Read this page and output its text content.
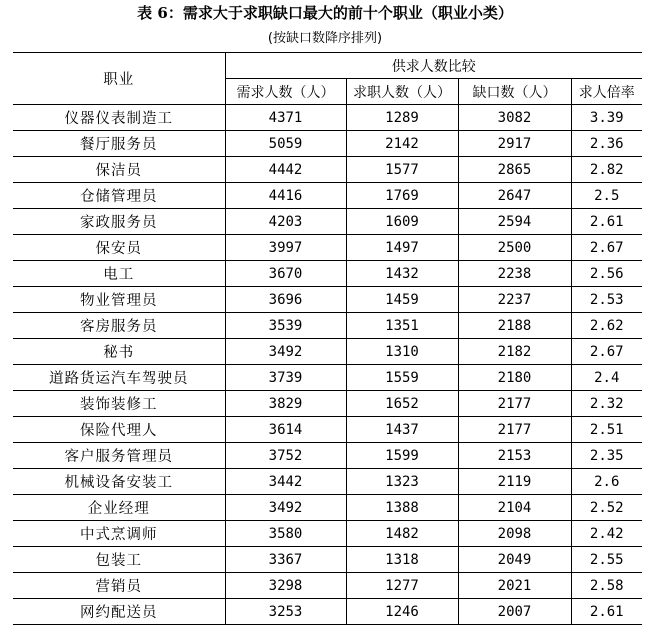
表 6：需求大于求职缺口最大的前十个职业（职业小类）
(按缺口数降序排列)
职业	供求人数比较			
	需求人数（人）	求职人数（人）	缺口数（人）	求人倍率
仪器仪表制造工	4371	1289	3082	3.39
餐厅服务员	5059	2142	2917	2.36
保洁员	4442	1577	2865	2.82
仓储管理员	4416	1769	2647	2.5
家政服务员	4203	1609	2594	2.61
保安员	3997	1497	2500	2.67
电工	3670	1432	2238	2.56
物业管理员	3696	1459	2237	2.53
客房服务员	3539	1351	2188	2.62
秘书	3492	1310	2182	2.67
道路货运汽车驾驶员	3739	1559	2180	2.4
装饰装修工	3829	1652	2177	2.32
保险代理人	3614	1437	2177	2.51
客户服务管理员	3752	1599	2153	2.35
机械设备安装工	3442	1323	2119	2.6
企业经理	3492	1388	2104	2.52
中式烹调师	3580	1482	2098	2.42
包装工	3367	1318	2049	2.55
营销员	3298	1277	2021	2.58
网约配送员	3253	1246	2007	2.61
